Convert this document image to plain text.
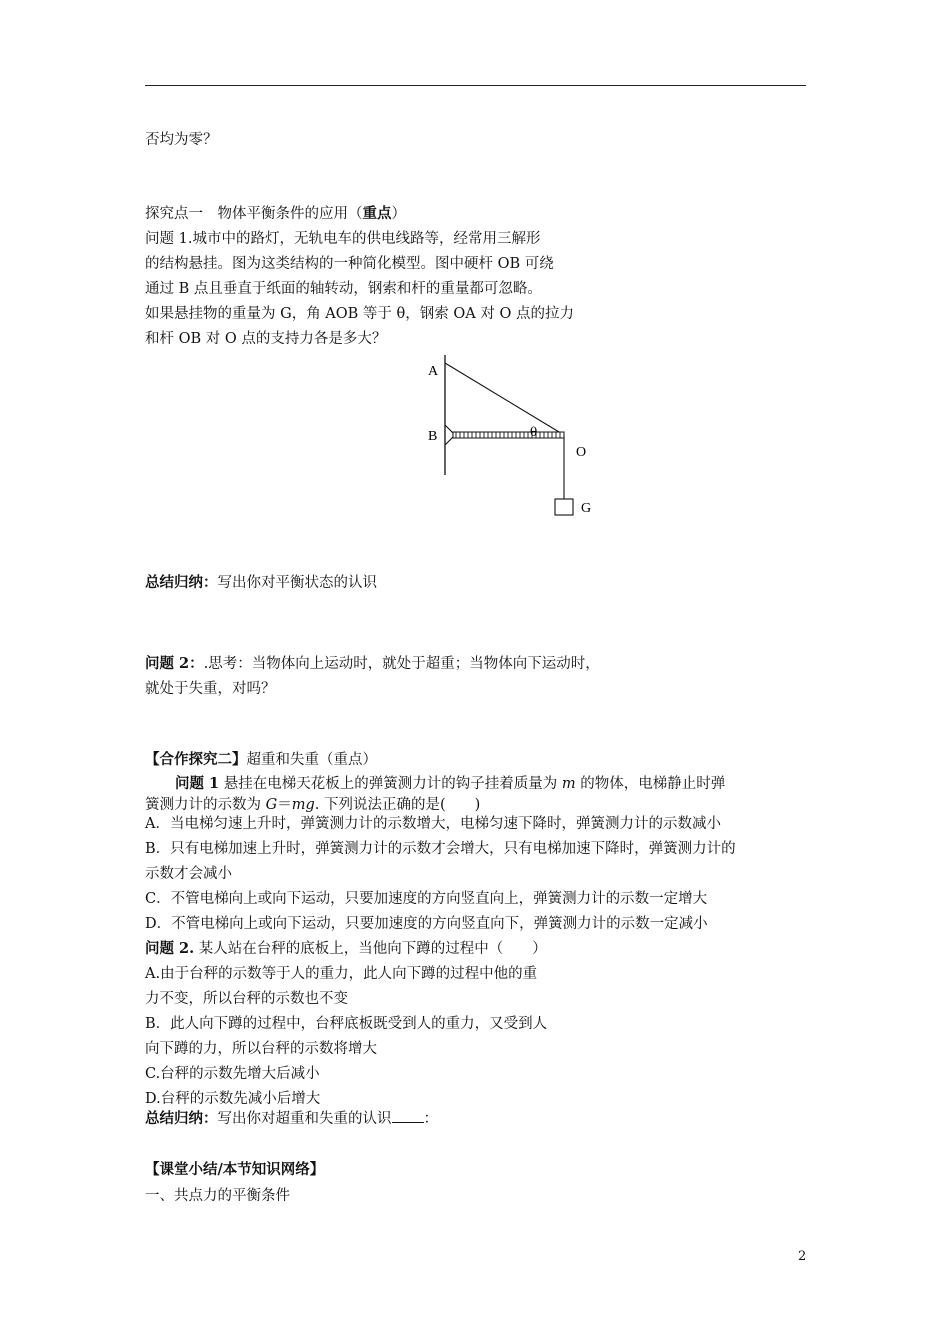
否均为零？
探究点一　物体平衡条件的应用（重点）
问题 1.城市中的路灯，无轨电车的供电线路等，经常用三解形
的结构悬挂。图为这类结构的一种简化模型。图中硬杆 OB 可绕
通过 B 点且垂直于纸面的轴转动，钢索和杆的重量都可忽略。
如果悬挂物的重量为 G，角 AOB 等于 θ，钢索 OA 对 O 点的拉力
和杆 OB 对 O 点的支持力各是多大？
A
B	θ
O
G
总结归纳：写出你对平衡状态的认识
问题 2：.思考：当物体向上运动时，就处于超重；当物体向下运动时，
就处于失重，对吗？
【合作探究二】超重和失重（重点）
问题 1 悬挂在电梯天花板上的弹簧测力计的钩子挂着质量为 m 的物体，电梯静止时弹
簧测力计的示数为 G＝mg. 下列说法正确的是(　　)
A．当电梯匀速上升时，弹簧测力计的示数增大，电梯匀速下降时，弹簧测力计的示数减小
B．只有电梯加速上升时，弹簧测力计的示数才会增大，只有电梯加速下降时，弹簧测力计的
示数才会减小
C．不管电梯向上或向下运动，只要加速度的方向竖直向上，弹簧测力计的示数一定增大
D．不管电梯向上或向下运动，只要加速度的方向竖直向下，弹簧测力计的示数一定减小
问题 2. 某人站在台秤的底板上，当他向下蹲的过程中（　　）
A.由于台秤的示数等于人的重力，此人向下蹲的过程中他的重
力不变，所以台秤的示数也不变
B．此人向下蹲的过程中，台秤底板既受到人的重力，又受到人
向下蹲的力，所以台秤的示数将增大
C.台秤的示数先增大后减小
D.台秤的示数先减小后增大
总结归纳：写出你对超重和失重的认识 ：
【课堂小结/本节知识网络】
一、共点力的平衡条件
2
